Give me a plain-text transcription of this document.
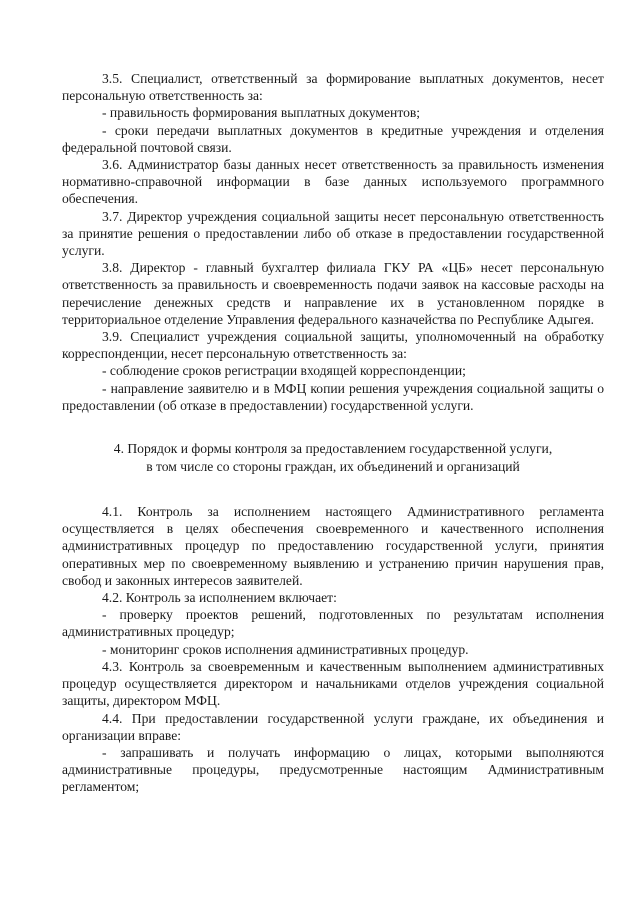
3.5. Специалист, ответственный за формирование выплатных документов, несет персональную ответственность за:

- правильность формирования выплатных документов;

- сроки передачи выплатных документов в кредитные учреждения и отделения федеральной почтовой связи.

3.6. Администратор базы данных несет ответственность за правильность изменения нормативно-справочной информации в базе данных используемого программного обеспечения.

3.7. Директор учреждения социальной защиты несет персональную ответственность за принятие решения о предоставлении либо об отказе в предоставлении государственной услуги.

3.8. Директор - главный бухгалтер филиала ГКУ РА «ЦБ» несет персональную ответственность за правильность и своевременность подачи заявок на кассовые расходы на перечисление денежных средств и направление их в установленном порядке в территориальное отделение Управления федерального казначейства по Республике Адыгея.

3.9. Специалист учреждения социальной защиты, уполномоченный на обработку корреспонденции, несет персональную ответственность за:

- соблюдение сроков регистрации входящей корреспонденции;

- направление заявителю и в МФЦ копии решения учреждения социальной защиты о предоставлении (об отказе в предоставлении) государственной услуги.

4. Порядок и формы контроля за предоставлением государственной услуги,
в том числе со стороны граждан, их объединений и организаций

4.1. Контроль за исполнением настоящего Административного регламента осуществляется в целях обеспечения своевременного и качественного исполнения административных процедур по предоставлению государственной услуги, принятия оперативных мер по своевременному выявлению и устранению причин нарушения прав, свобод и законных интересов заявителей.

4.2. Контроль за исполнением включает:

- проверку проектов решений, подготовленных по результатам исполнения административных процедур;

- мониторинг сроков исполнения административных процедур.

4.3. Контроль за своевременным и качественным выполнением административных процедур осуществляется директором и начальниками отделов учреждения социальной защиты, директором МФЦ.

4.4. При предоставлении государственной услуги граждане, их объединения и организации вправе:

- запрашивать и получать информацию о лицах, которыми выполняются административные процедуры, предусмотренные настоящим Административным регламентом;
